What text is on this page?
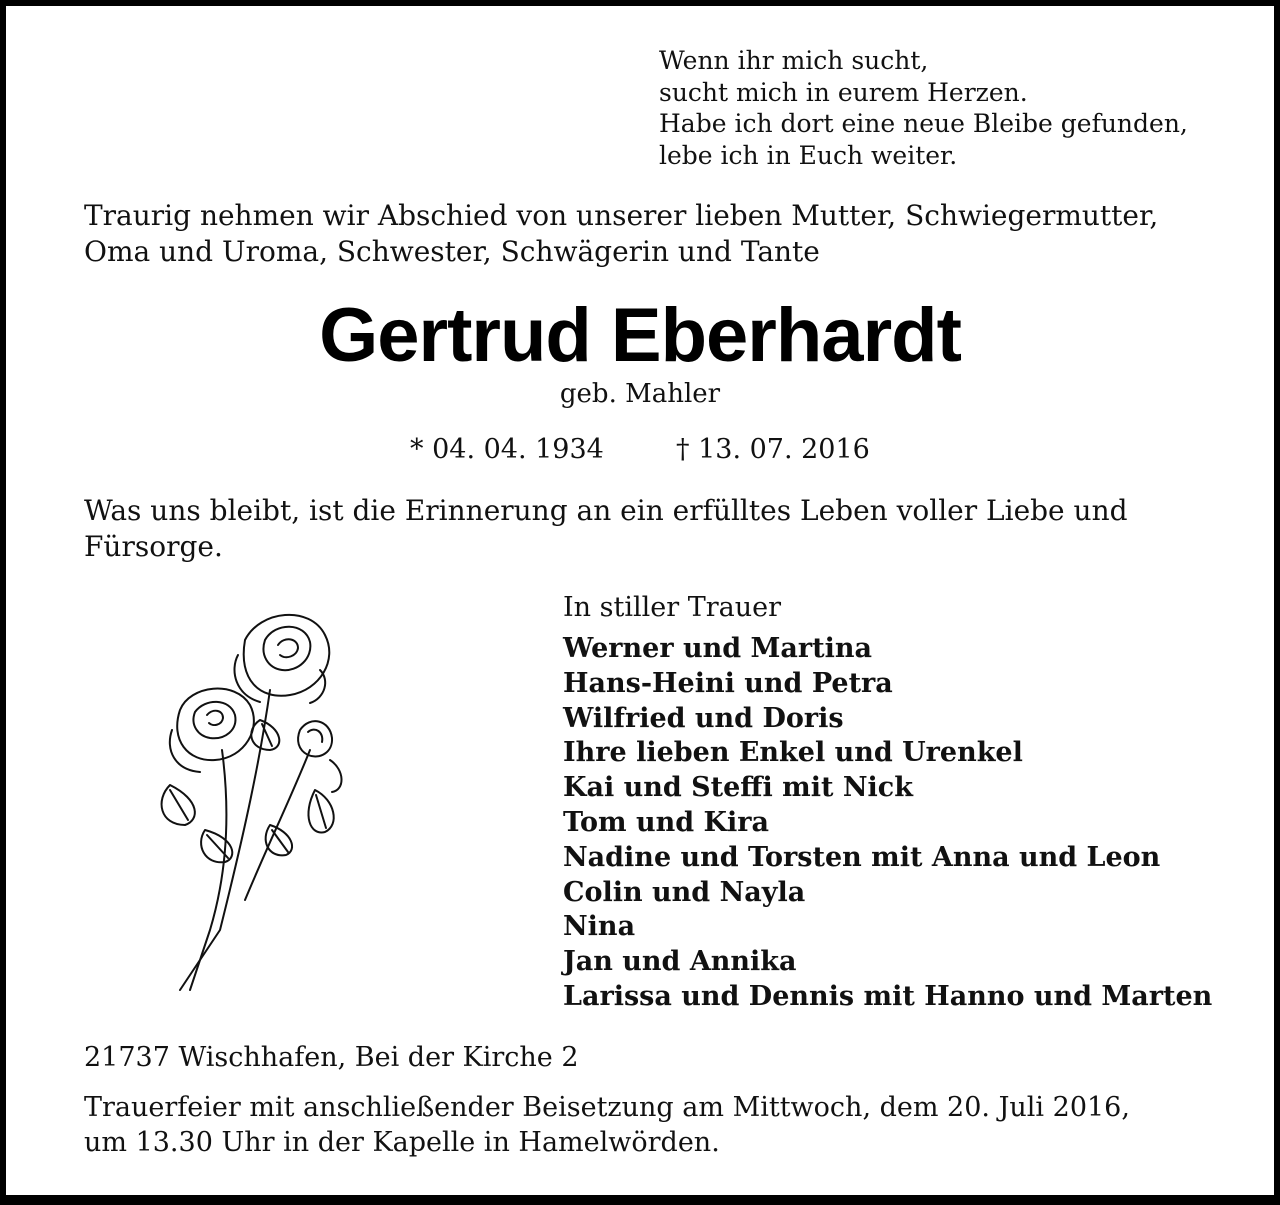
Wenn ihr mich sucht,
sucht mich in eurem Herzen.
Habe ich dort eine neue Bleibe gefunden,
lebe ich in Euch weiter.
Traurig nehmen wir Abschied von unserer lieben Mutter, Schwiegermutter,
Oma und Uroma, Schwester, Schwägerin und Tante
Gertrud Eberhardt
geb. Mahler
* 04. 04. 1934	† 13. 07. 2016
Was uns bleibt, ist die Erinnerung an ein erfülltes Leben voller Liebe und
Fürsorge.
In stiller Trauer
Werner und Martina
Hans-Heini und Petra
Wilfried und Doris
Ihre lieben Enkel und Urenkel
Kai und Steffi mit Nick
Tom und Kira
Nadine und Torsten mit Anna und Leon
Colin und Nayla
Nina
Jan und Annika
Larissa und Dennis mit Hanno und Marten
21737 Wischhafen, Bei der Kirche 2
Trauerfeier mit anschließender Beisetzung am Mittwoch, dem 20. Juli 2016,
um 13.30 Uhr in der Kapelle in Hamelwörden.
